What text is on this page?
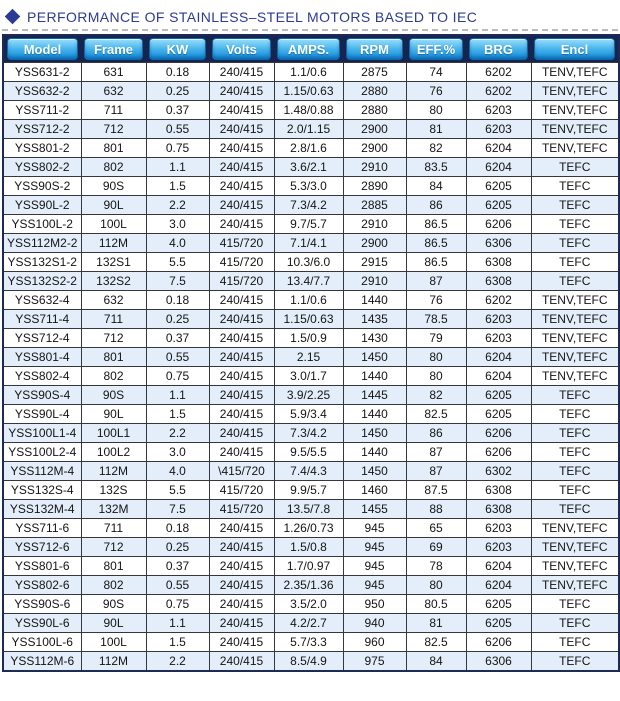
PERFORMANCE OF STAINLESS–STEEL MOTORS BASED TO IEC
Model	Frame	KW	Volts	AMPS.	RPM	EFF.%	BRG	Encl

YSS631-2	631	0.18	240/415	1.1/0.6	2875	74	6202	TENV,TEFC
YSS632-2	632	0.25	240/415	1.15/0.63	2880	76	6202	TENV,TEFC
YSS711-2	711	0.37	240/415	1.48/0.88	2880	80	6203	TENV,TEFC
YSS712-2	712	0.55	240/415	2.0/1.15	2900	81	6203	TENV,TEFC
YSS801-2	801	0.75	240/415	2.8/1.6	2900	82	6204	TENV,TEFC
YSS802-2	802	1.1	240/415	3.6/2.1	2910	83.5	6204	TEFC
YSS90S-2	90S	1.5	240/415	5.3/3.0	2890	84	6205	TEFC
YSS90L-2	90L	2.2	240/415	7.3/4.2	2885	86	6205	TEFC
YSS100L-2	100L	3.0	240/415	9.7/5.7	2910	86.5	6206	TEFC
YSS112M2-2	112M	4.0	415/720	7.1/4.1	2900	86.5	6306	TEFC
YSS132S1-2	132S1	5.5	415/720	10.3/6.0	2915	86.5	6308	TEFC
YSS132S2-2	132S2	7.5	415/720	13.4/7.7	2910	87	6308	TEFC
YSS632-4	632	0.18	240/415	1.1/0.6	1440	76	6202	TENV,TEFC
YSS711-4	711	0.25	240/415	1.15/0.63	1435	78.5	6203	TENV,TEFC
YSS712-4	712	0.37	240/415	1.5/0.9	1430	79	6203	TENV,TEFC
YSS801-4	801	0.55	240/415	2.15	1450	80	6204	TENV,TEFC
YSS802-4	802	0.75	240/415	3.0/1.7	1440	80	6204	TENV,TEFC
YSS90S-4	90S	1.1	240/415	3.9/2.25	1445	82	6205	TEFC
YSS90L-4	90L	1.5	240/415	5.9/3.4	1440	82.5	6205	TEFC
YSS100L1-4	100L1	2.2	240/415	7.3/4.2	1450	86	6206	TEFC
YSS100L2-4	100L2	3.0	240/415	9.5/5.5	1440	87	6206	TEFC
YSS112M-4	112M	4.0	\415/720	7.4/4.3	1450	87	6302	TEFC
YSS132S-4	132S	5.5	415/720	9.9/5.7	1460	87.5	6308	TEFC
YSS132M-4	132M	7.5	415/720	13.5/7.8	1455	88	6308	TEFC
YSS711-6	711	0.18	240/415	1.26/0.73	945	65	6203	TENV,TEFC
YSS712-6	712	0.25	240/415	1.5/0.8	945	69	6203	TENV,TEFC
YSS801-6	801	0.37	240/415	1.7/0.97	945	78	6204	TENV,TEFC
YSS802-6	802	0.55	240/415	2.35/1.36	945	80	6204	TENV,TEFC
YSS90S-6	90S	0.75	240/415	3.5/2.0	950	80.5	6205	TEFC
YSS90L-6	90L	1.1	240/415	4.2/2.7	940	81	6205	TEFC
YSS100L-6	100L	1.5	240/415	5.7/3.3	960	82.5	6206	TEFC
YSS112M-6	112M	2.2	240/415	8.5/4.9	975	84	6306	TEFC
